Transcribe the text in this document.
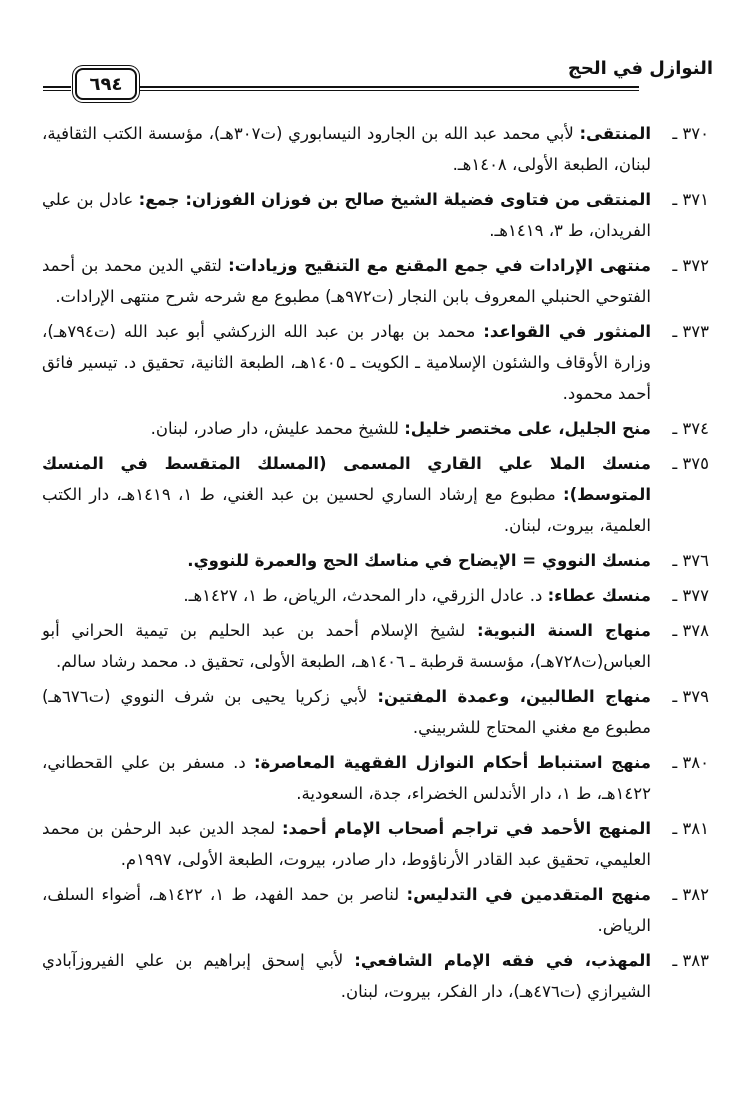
النوازل في الحج
٦٩٤
٣٧٠ ـ
المنتقى: لأبي محمد عبد الله بن الجارود النيسابوري (ت٣٠٧هـ)، مؤسسة الكتب الثقافية، لبنان، الطبعة الأولى، ١٤٠٨هـ.
٣٧١ ـ
المنتقى من فتاوى فضيلة الشيخ صالح بن فوزان الفوزان: جمع: عادل بن علي الفريدان، ط ٣، ١٤١٩هـ.
٣٧٢ ـ
منتهى الإرادات في جمع المقنع مع التنقيح وزيادات: لتقي الدين محمد بن أحمد الفتوحي الحنبلي المعروف بابن النجار (ت٩٧٢هـ) مطبوع مع شرحه شرح منتهى الإرادات.
٣٧٣ ـ
المنثور في القواعد: محمد بن بهادر بن عبد الله الزركشي أبو عبد الله (ت٧٩٤هـ)، وزارة الأوقاف والشئون الإسلامية ـ الكويت ـ ١٤٠٥هـ، الطبعة الثانية، تحقيق د. تيسير فائق أحمد محمود.
٣٧٤ ـ
منح الجليل، على مختصر خليل: للشيخ محمد عليش، دار صادر، لبنان.
٣٧٥ ـ
منسك الملا علي القاري المسمى (المسلك المتقسط في المنسك المتوسط): مطبوع مع إرشاد الساري لحسين بن عبد الغني، ط ١، ١٤١٩هـ، دار الكتب العلمية، بيروت، لبنان.
٣٧٦ ـ
منسك النووي = الإيضاح في مناسك الحج والعمرة للنووي.
٣٧٧ ـ
منسك عطاء: د. عادل الزرقي، دار المحدث، الرياض، ط ١، ١٤٢٧هـ.
٣٧٨ ـ
منهاج السنة النبوية: لشيخ الإسلام أحمد بن عبد الحليم بن تيمية الحراني أبو العباس(ت٧٢٨هـ)، مؤسسة قرطبة ـ ١٤٠٦هـ، الطبعة الأولى، تحقيق د. محمد رشاد سالم.
٣٧٩ ـ
منهاج الطالبين، وعمدة المفتين: لأبي زكريا يحيى بن شرف النووي (ت٦٧٦هـ) مطبوع مع مغني المحتاج للشربيني.
٣٨٠ ـ
منهج استنباط أحكام النوازل الفقهية المعاصرة: د. مسفر بن علي القحطاني، ١٤٢٢هـ، ط ١، دار الأندلس الخضراء، جدة، السعودية.
٣٨١ ـ
المنهج الأحمد في تراجم أصحاب الإمام أحمد: لمجد الدين عبد الرحمٰن بن محمد العليمي، تحقيق عبد القادر الأرناؤوط، دار صادر، بيروت، الطبعة الأولى، ١٩٩٧م.
٣٨٢ ـ
منهج المتقدمين في التدليس: لناصر بن حمد الفهد، ط ١، ١٤٢٢هـ، أضواء السلف، الرياض.
٣٨٣ ـ
المهذب، في فقه الإمام الشافعي: لأبي إسحق إبراهيم بن علي الفيروزآبادي الشيرازي (ت٤٧٦هـ)، دار الفكر، بيروت، لبنان.
